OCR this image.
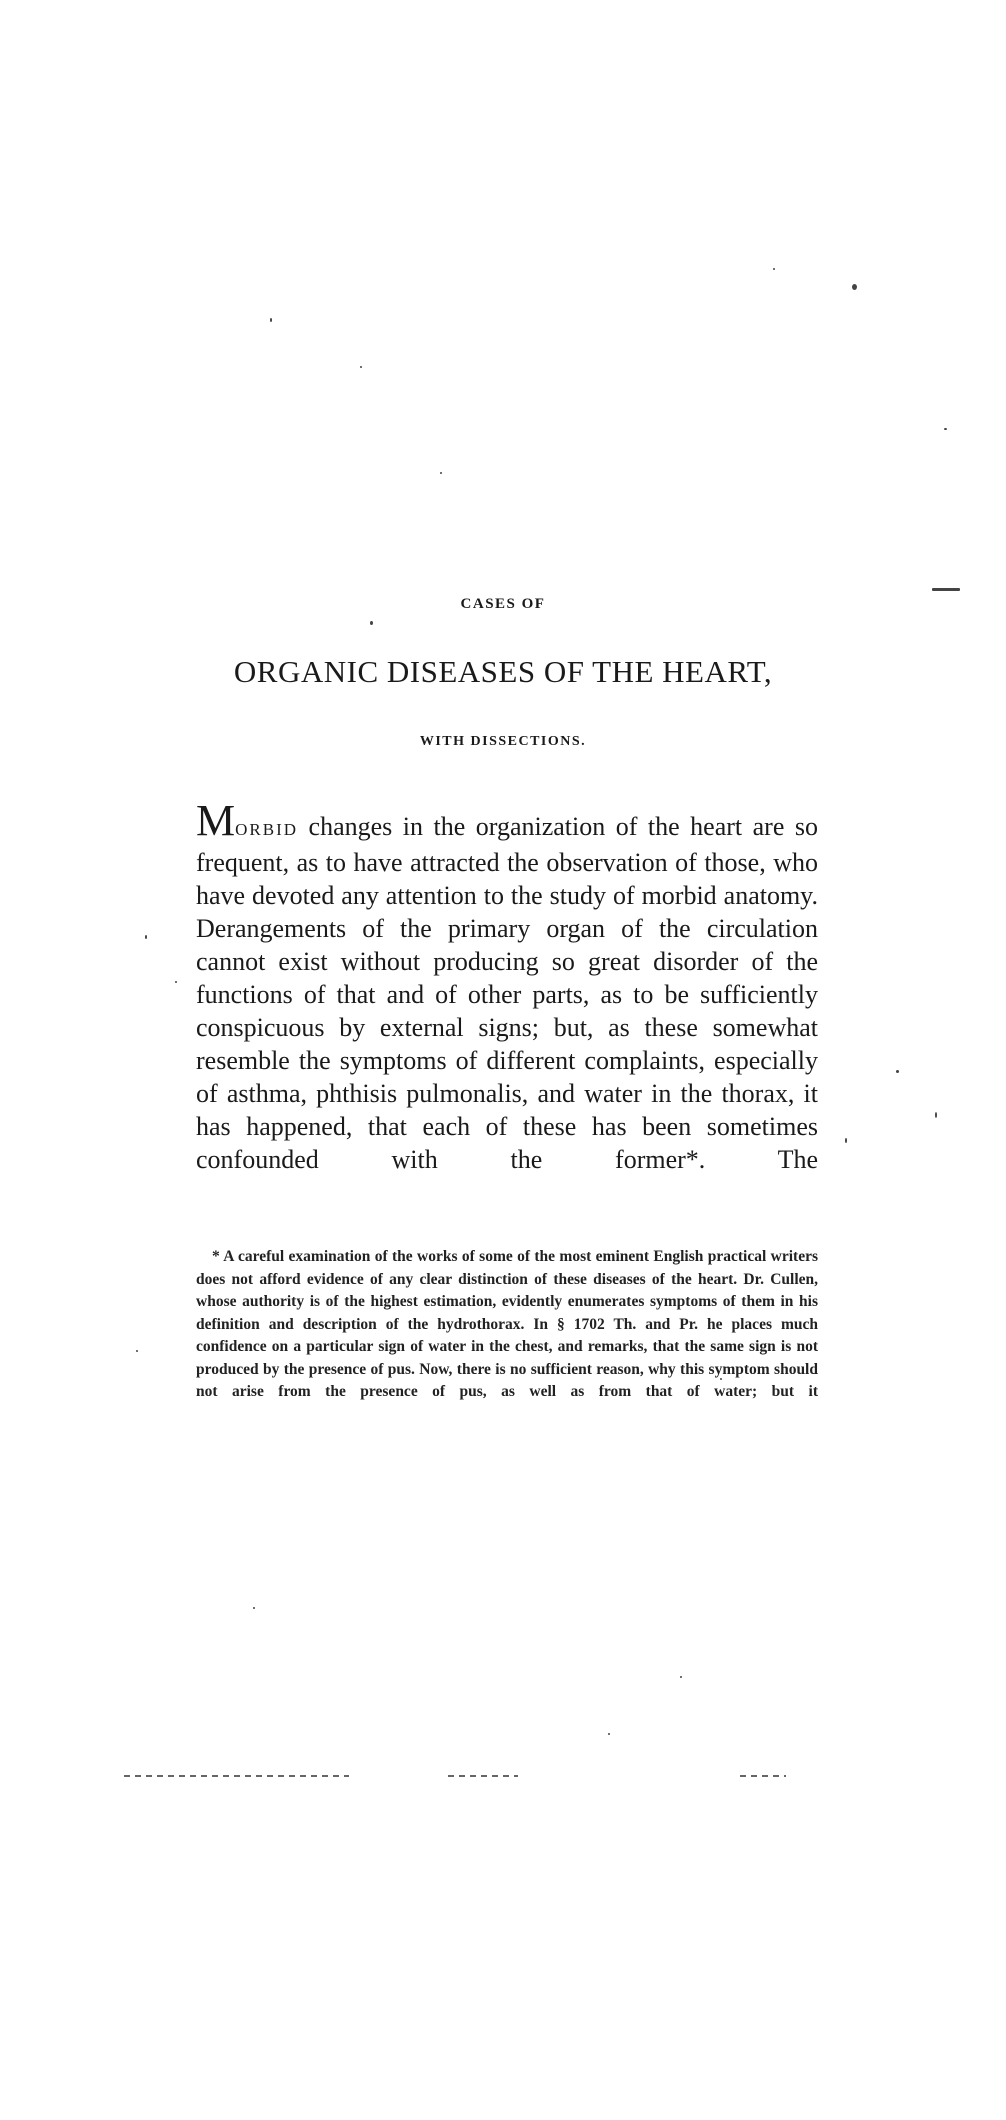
CASES OF
ORGANIC DISEASES OF THE HEART,
WITH DISSECTIONS.
MORBID changes in the organization of the heart are so frequent, as to have attracted the observation of those, who have devoted any attention to the study of morbid anatomy. Derangements of the primary organ of the circulation cannot exist without producing so great disorder of the functions of that and of other parts, as to be sufficiently conspicuous by external signs; but, as these somewhat resemble the symptoms of different complaints, especially of asthma, phthisis pulmonalis, and water in the thorax, it has happened, that each of these has been sometimes confounded with the former*. The
* A careful examination of the works of some of the most eminent English practical writers does not afford evidence of any clear distinction of these diseases of the heart. Dr. Cullen, whose authority is of the highest estimation, evidently enumerates symptoms of them in his definition and description of the hydrothorax. In § 1702 Th. and Pr. he places much confidence on a particular sign of water in the chest, and remarks, that the same sign is not produced by the presence of pus. Now, there is no sufficient reason, why this symptom should not arise from the presence of pus, as well as from that of water; but it
